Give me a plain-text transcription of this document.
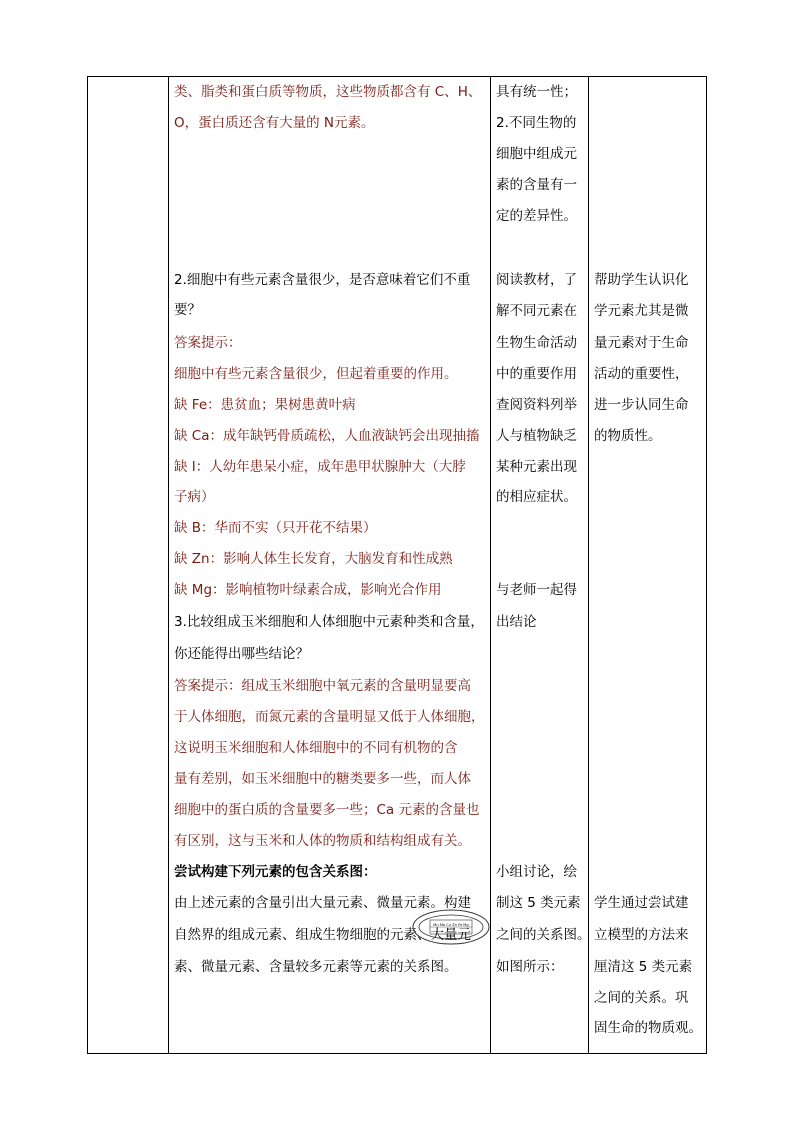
类、脂类和蛋白质等物质，这些物质都含有 C、H、
O，蛋白质还含有大量的 N元素。
2.细胞中有些元素含量很少，是否意味着它们不重
要？
答案提示：
细胞中有些元素含量很少，但起着重要的作用。
缺 Fe：患贫血；果树患黄叶病
缺 Ca：成年缺钙骨质疏松，人血液缺钙会出现抽搐
缺 I：人幼年患呆小症，成年患甲状腺肿大（大脖
子病）
缺 B：华而不实（只开花不结果）
缺 Zn：影响人体生长发育，大脑发育和性成熟
缺 Mg：影响植物叶绿素合成，影响光合作用
3.比较组成玉米细胞和人体细胞中元素种类和含量，
你还能得出哪些结论？
答案提示：组成玉米细胞中氧元素的含量明显要高
于人体细胞，而氮元素的含量明显又低于人体细胞，
这说明玉米细胞和人体细胞中的不同有机物的含
量有差别，如玉米细胞中的糖类要多一些，而人体
细胞中的蛋白质的含量要多一些；Ca 元素的含量也
有区别，这与玉米和人体的物质和结构组成有关。
尝试构建下列元素的包含关系图：
由上述元素的含量引出大量元素、微量元素。构建
自然界的组成元素、组成生物细胞的元素、大量元
素、微量元素、含量较多元素等元素的关系图。
具有统一性；
2.不同生物的
细胞中组成元
素的含量有一
定的差异性。
阅读教材，了
解不同元素在
生物生命活动
中的重要作用
查阅资料列举
人与植物缺乏
某种元素出现
的相应症状。
与老师一起得
出结论
小组讨论，绘
制这 5 类元素
之间的关系图。
如图所示：
Mn Mo Cu Zn Fe Mg
帮助学生认识化
学元素尤其是微
量元素对于生命
活动的重要性，
进一步认同生命
的物质性。
学生通过尝试建
立模型的方法来
厘清这 5 类元素
之间的关系。巩
固生命的物质观。
